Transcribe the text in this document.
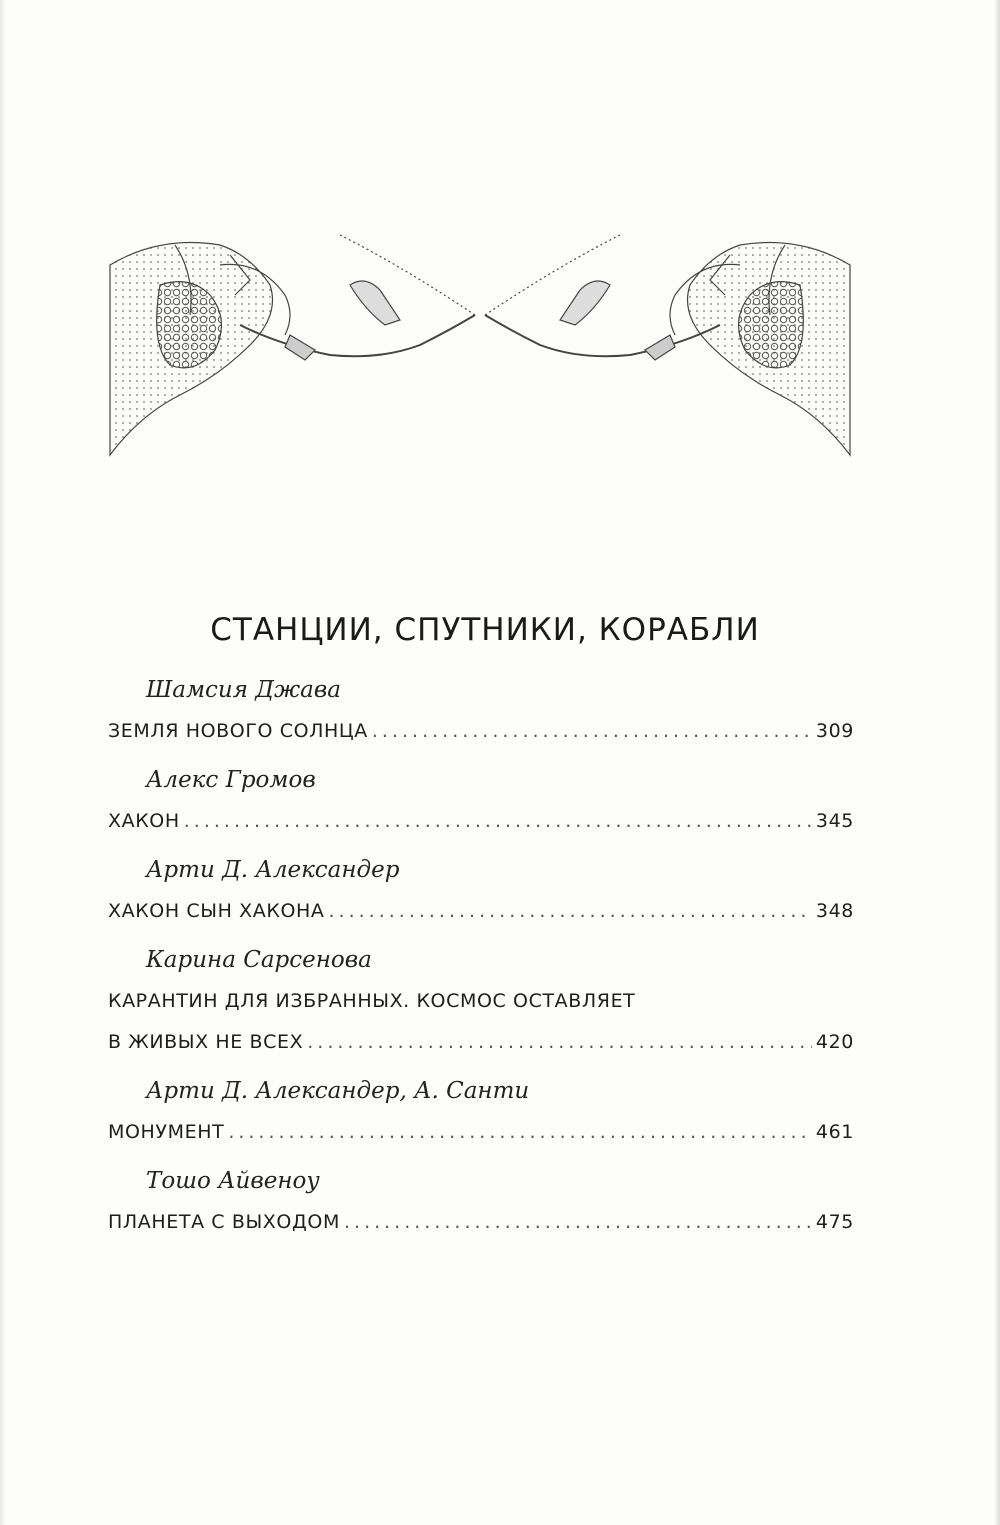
СТАНЦИИ, СПУТНИКИ, КОРАБЛИ
Шамсия Джава
ЗЕМЛЯ НОВОГО СОЛНЦА .....	309
Алекс Громов
ХАКОН .....	345
Арти Д. Александер
ХАКОН СЫН ХАКОНА .....	348
Карина Сарсенова
КАРАНТИН ДЛЯ ИЗБРАННЫХ. КОСМОС ОСТАВЛЯЕТ
В ЖИВЫХ НЕ ВСЕХ .....	420
Арти Д. Александер, А. Санти
МОНУМЕНТ .....	461
Тошо Айвеноу
ПЛАНЕТА С ВЫХОДОМ .....	475
